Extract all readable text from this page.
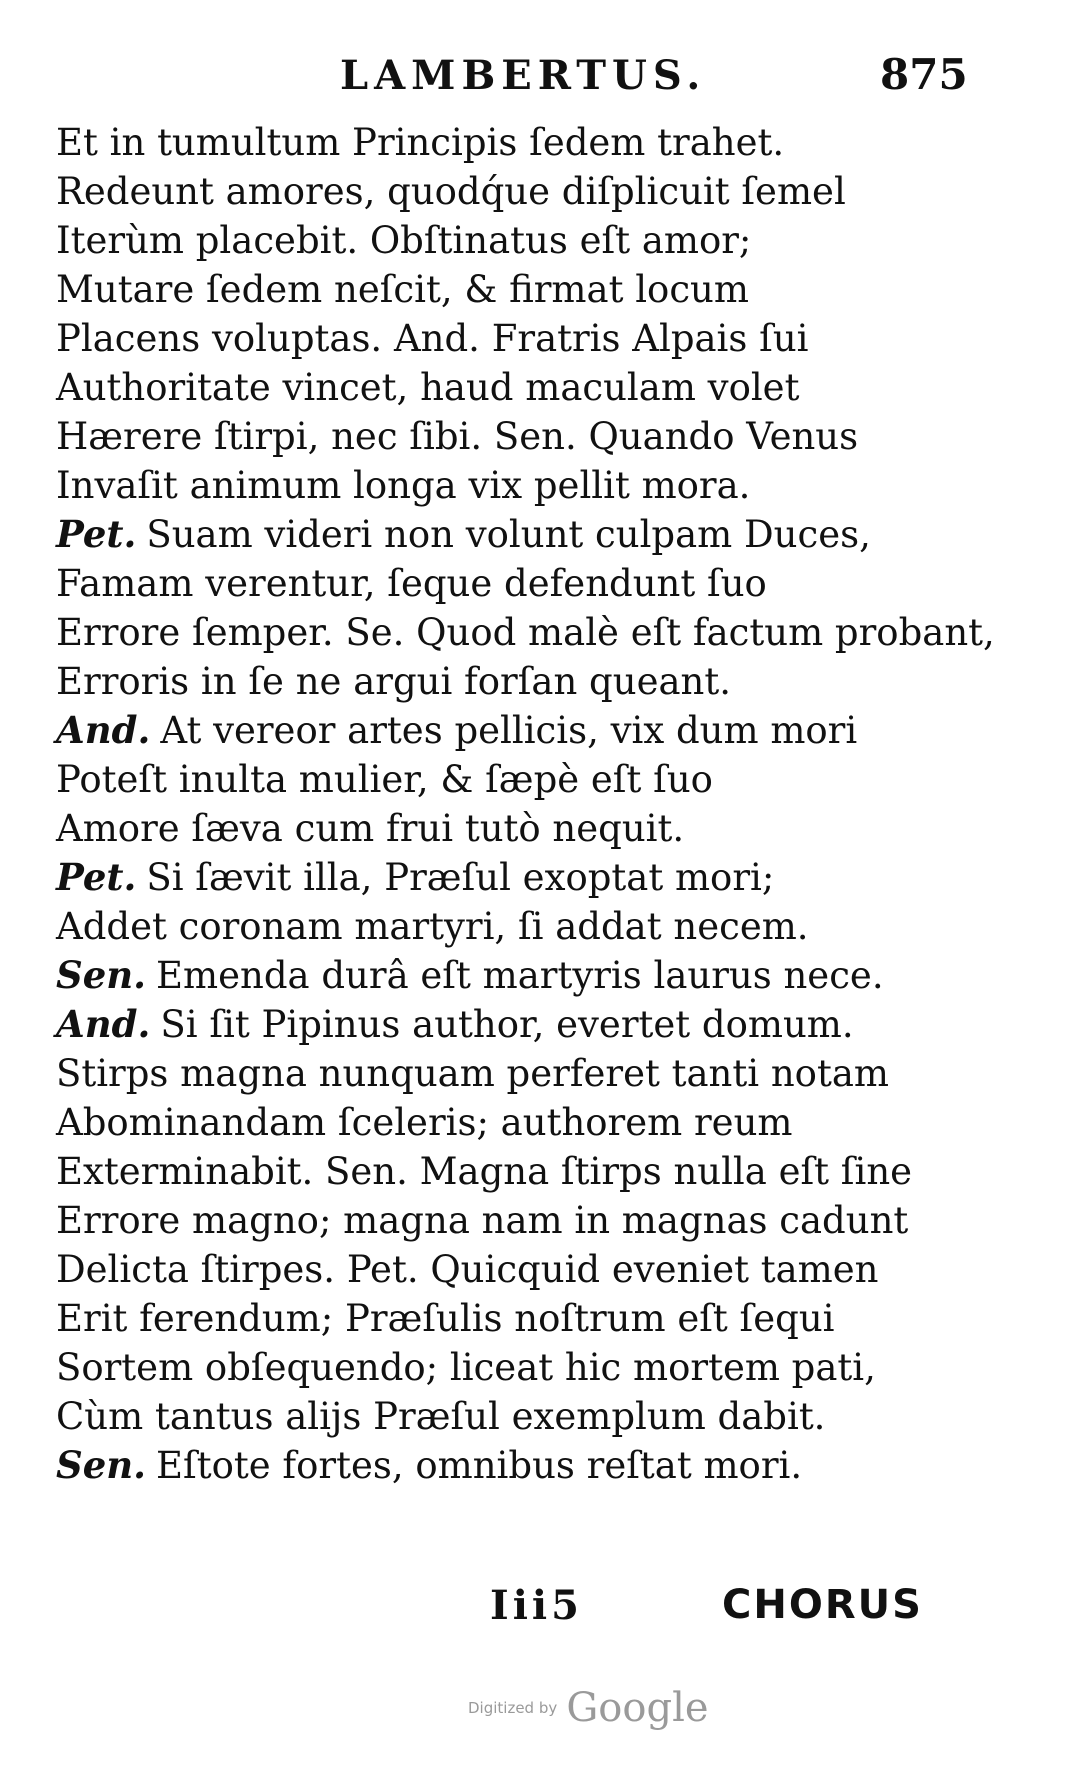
LAMBERTUS.	875
Et in tumultum Principis ſedem trahet.
Redeunt amores, quodq́ue diſplicuit ſemel
Iterùm placebit. Obſtinatus eſt amor;
Mutare ſedem neſcit, & firmat locum
Placens voluptas. And. Fratris Alpais ſui
Authoritate vincet, haud maculam volet
Hærere ſtirpi, nec ſibi. Sen. Quando Venus
Invaſit animum longa vix pellit mora.
Pet. Suam videri non volunt culpam Duces,
Famam verentur, ſeque defendunt ſuo
Errore ſemper. Se. Quod malè eſt factum probant,
Erroris in ſe ne argui forſan queant.
And. At vereor artes pellicis, vix dum mori
Poteſt inulta mulier, & ſæpè eſt ſuo
Amore ſæva cum frui tutò nequit.
Pet. Si ſævit illa, Præſul exoptat mori;
Addet coronam martyri, ſi addat necem.
Sen. Emenda durâ eſt martyris laurus nece.
And. Si ſit Pipinus author, evertet domum.
Stirps magna nunquam perferet tanti notam
Abominandam ſceleris; authorem reum
Exterminabit. Sen. Magna ſtirps nulla eſt ſine
Errore magno; magna nam in magnas cadunt
Delicta ſtirpes. Pet. Quicquid eveniet tamen
Erit ferendum; Præſulis noſtrum eſt ſequi
Sortem obſequendo; liceat hic mortem pati,
Cùm tantus alijs Præſul exemplum dabit.
Sen. Eſtote fortes, omnibus reſtat mori.
Iii5	CHORUS
Digitized by Google
